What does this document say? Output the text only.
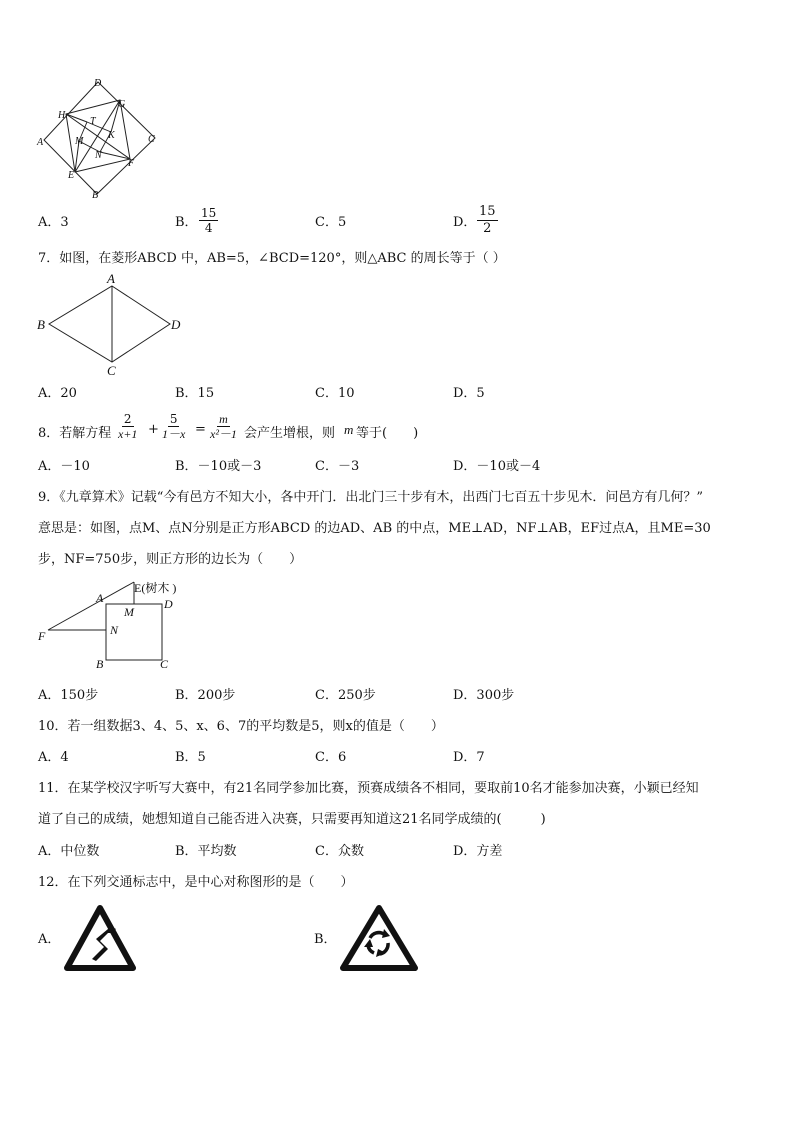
D
G
H
T
A
K	C
M
N
E
F
B
A．3	B． $\frac{15}{4}$	C．5	D． $\frac{15}{2}$
7．如图，在菱形ABCD 中，AB=5，∠BCD=120°，则△ABC 的周长等于（ ）
A
B	D
C
A．20	B．15	C．10	D．5
8．若解方程 $\frac{2}{x+1} + \frac{5}{1-x} = \frac{m}{\text{x²－1}}$ 会产生增根，则 m 等于(　　)
A．－10	B．－10或－3	C．－3	D．－10或－4
9．《九章算术》记载“今有邑方不知大小，各中开门．出北门三十步有木，出西门七百五十步见木．问邑方有几何？”
意思是：如图，点M、点N分别是正方形ABCD 的边AD、AB 的中点，ME⊥AD，NF⊥AB，EF过点A，且ME=30
步，NF=750步，则正方形的边长为（　　）
E(树木 )
A
M
D
N
F
B	C
A．150步	B．200步	C．250步	D．300步
10．若一组数据3、4、5、x、6、7的平均数是5，则x的值是（　　）
A．4	B．5	C．6	D．7
11．在某学校汉字听写大赛中，有21名同学参加比赛，预赛成绩各不相同，要取前10名才能参加决赛，小颖已经知
道了自己的成绩，她想知道自己能否进入决赛，只需要再知道这21名同学成绩的(　　　)
A．中位数	B．平均数	C．众数	D．方差
12．在下列交通标志中，是中心对称图形的是（　　）
A．	B．
